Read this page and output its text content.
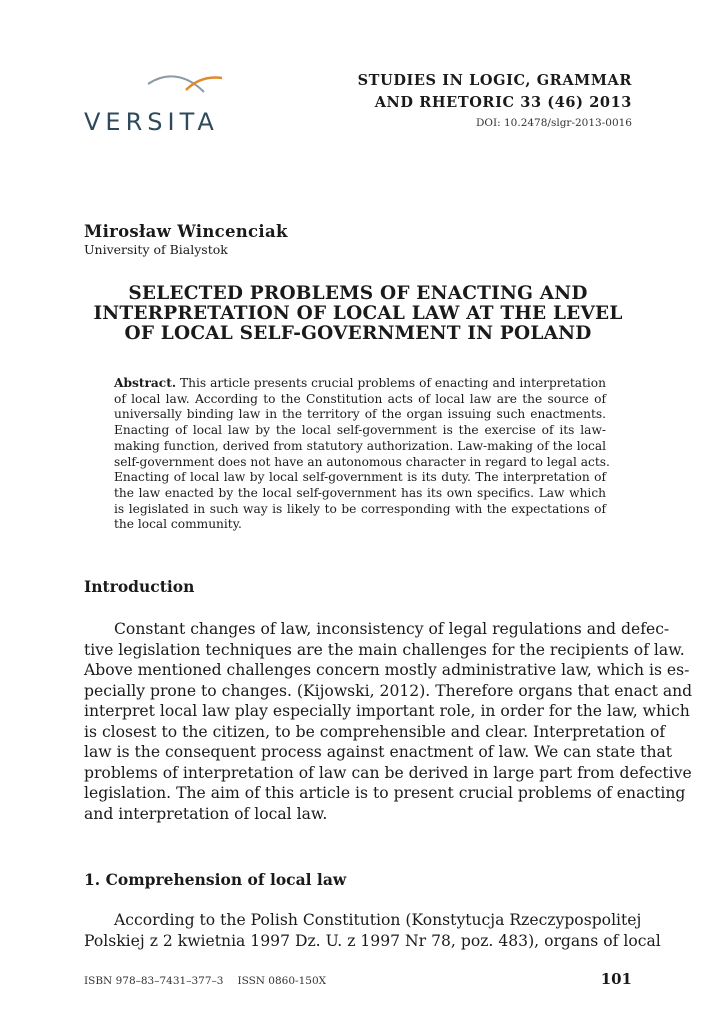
VERSITA
STUDIES IN LOGIC, GRAMMAR
AND RHETORIC 33 (46) 2013
DOI: 10.2478/slgr-2013-0016
Mirosław Wincenciak
University of Bialystok
SELECTED PROBLEMS OF ENACTING AND
INTERPRETATION OF LOCAL LAW AT THE LEVEL
OF LOCAL SELF-GOVERNMENT IN POLAND
Abstract. This article presents crucial problems of enacting and interpretation
of local law. According to the Constitution acts of local law are the source of
universally binding law in the territory of the organ issuing such enactments.
Enacting of local law by the local self-government is the exercise of its law-
making function, derived from statutory authorization. Law-making of the local
self-government does not have an autonomous character in regard to legal acts.
Enacting of local law by local self-government is its duty. The interpretation of
the law enacted by the local self-government has its own specifics. Law which
is legislated in such way is likely to be corresponding with the expectations of
the local community.
Introduction
Constant changes of law, inconsistency of legal regulations and defec-
tive legislation techniques are the main challenges for the recipients of law.
Above mentioned challenges concern mostly administrative law, which is es-
pecially prone to changes. (Kijowski, 2012). Therefore organs that enact and
interpret local law play especially important role, in order for the law, which
is closest to the citizen, to be comprehensible and clear. Interpretation of
law is the consequent process against enactment of law. We can state that
problems of interpretation of law can be derived in large part from defective
legislation. The aim of this article is to present crucial problems of enacting
and interpretation of local law.
1. Comprehension of local law
According to the Polish Constitution (Konstytucja Rzeczypospolitej
Polskiej z 2 kwietnia 1997 Dz. U. z 1997 Nr 78, poz. 483), organs of local
ISBN 978–83–7431–377–3 ISSN 0860-150X	101
